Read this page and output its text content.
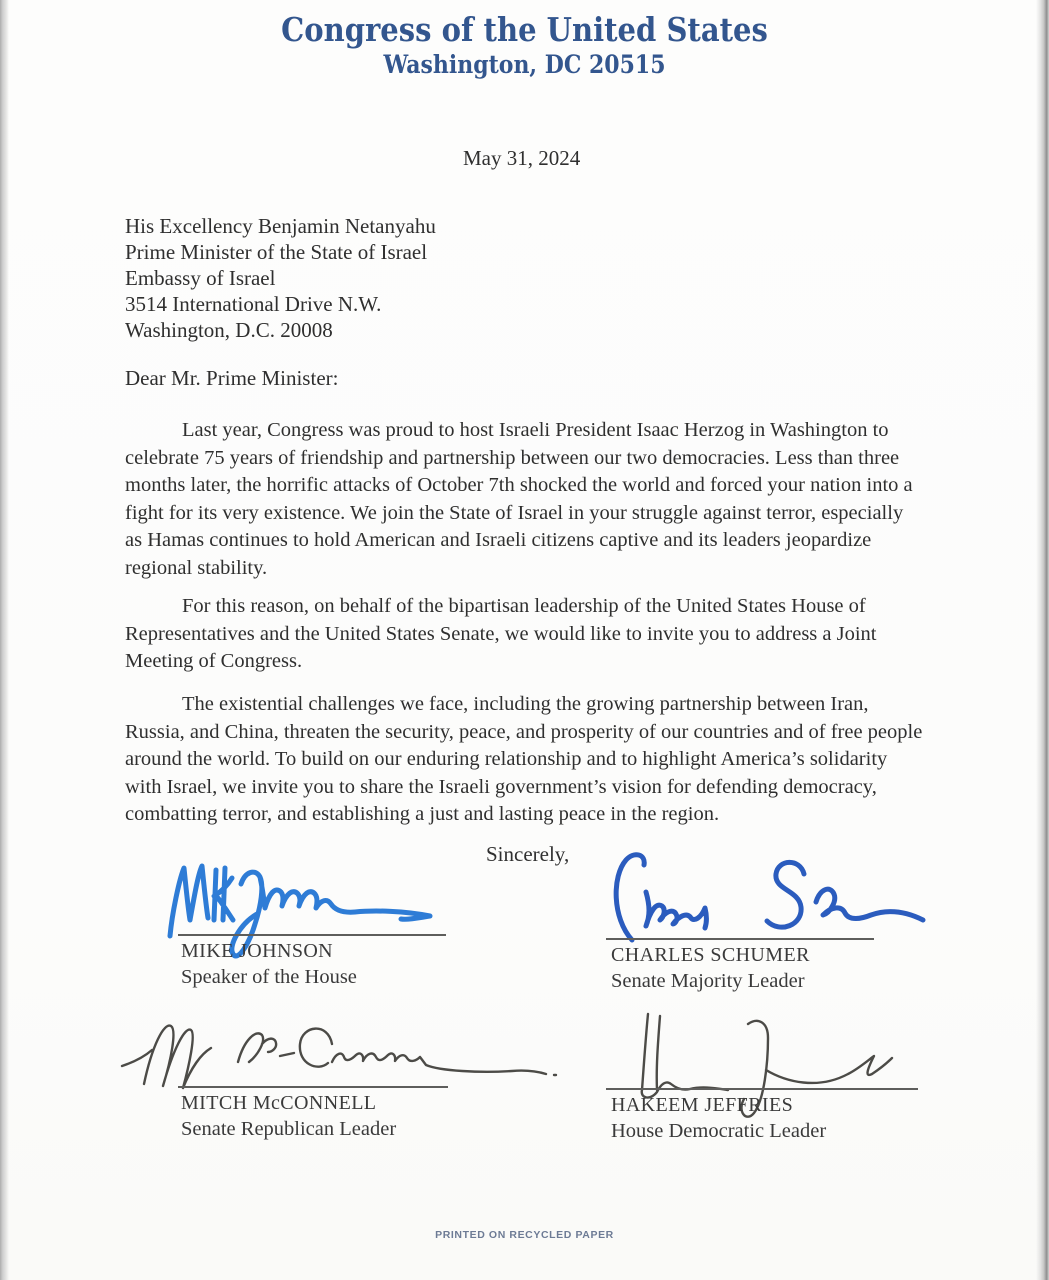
Congress of the United States
Washington, DC 20515
May 31, 2024
His Excellency Benjamin Netanyahu
Prime Minister of the State of Israel
Embassy of Israel
3514 International Drive N.W.
Washington, D.C. 20008
Dear Mr. Prime Minister:
Last year, Congress was proud to host Israeli President Isaac Herzog in Washington to
celebrate 75 years of friendship and partnership between our two democracies. Less than three
months later, the horrific attacks of October 7th shocked the world and forced your nation into a
fight for its very existence. We join the State of Israel in your struggle against terror, especially
as Hamas continues to hold American and Israeli citizens captive and its leaders jeopardize
regional stability.
For this reason, on behalf of the bipartisan leadership of the United States House of
Representatives and the United States Senate, we would like to invite you to address a Joint
Meeting of Congress.
The existential challenges we face, including the growing partnership between Iran,
Russia, and China, threaten the security, peace, and prosperity of our countries and of free people
around the world. To build on our enduring relationship and to highlight America’s solidarity
with Israel, we invite you to share the Israeli government’s vision for defending democracy,
combatting terror, and establishing a just and lasting peace in the region.
Sincerely,
MIKE JOHNSON
Speaker of the House
CHARLES SCHUMER
Senate Majority Leader
MITCH McCONNELL
Senate Republican Leader
HAKEEM JEFFRIES
House Democratic Leader
PRINTED ON RECYCLED PAPER
